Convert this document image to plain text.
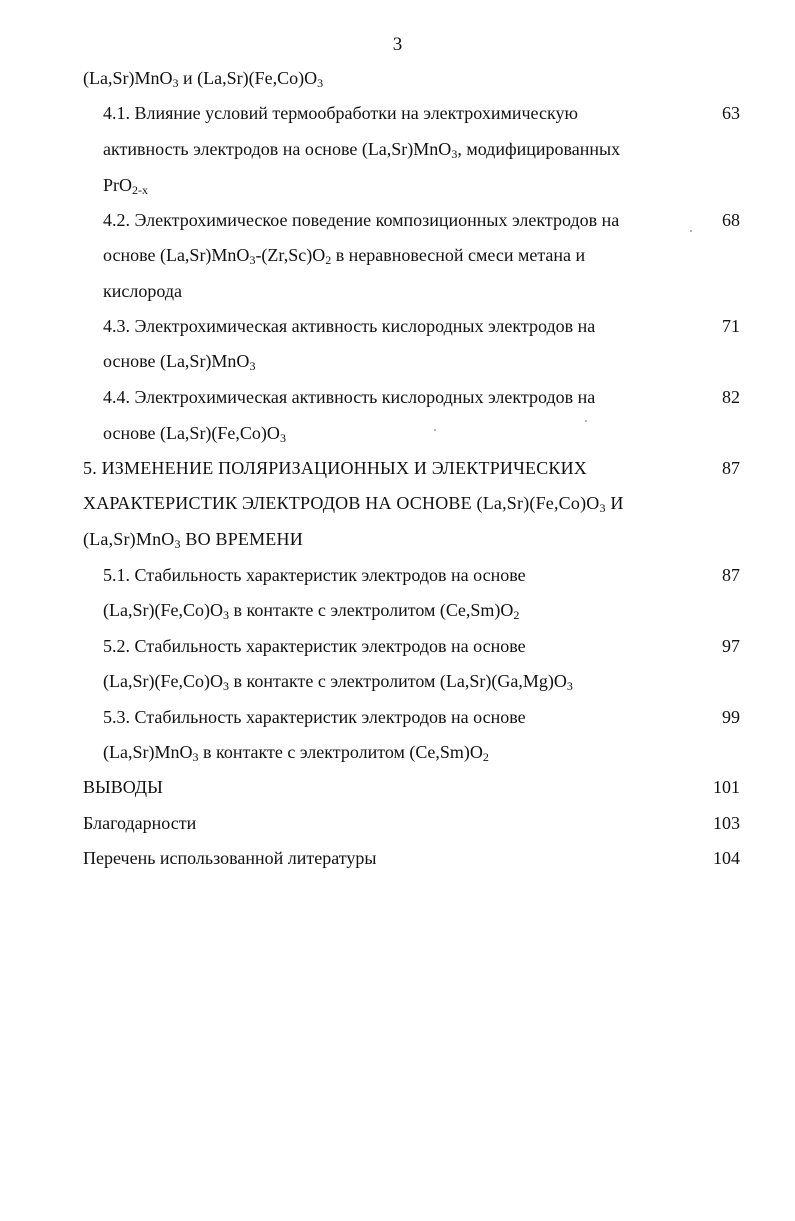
3
(La,Sr)MnO$_3$ и $(La,Sr)(Fe,Co)O_3$
4.1. Влияние условий термообработки на электрохимическую	63
активность электродов на основе (La,Sr)MnO$_3$, модифицированных
PrO$_{2-x}$
4.2. Электрохимическое поведение композиционных электродов на	68
основе $(La,Sr)MnO_3-(Zr,Sc)O_2$ в неравновесной смеси метана и
кислорода
4.3. Электрохимическая активность кислородных электродов на	71
основе (La,Sr)MnO$_3$
4.4. Электрохимическая активность кислородных электродов на	82
основе $(La,Sr)(Fe,Co)O_3$
5. ИЗМЕНЕНИЕ ПОЛЯРИЗАЦИОННЫХ И ЭЛЕКТРИЧЕСКИХ	87
ХАРАКТЕРИСТИК ЭЛЕКТРОДОВ НА ОСНОВЕ $(La,Sr)(Fe,Co)O_3$ И
(La,Sr)MnO$_3$ ВО ВРЕМЕНИ
5.1. Стабильность характеристик электродов на основе	87
$(La,Sr)(Fe,Co)O_3$ в контакте с электролитом $(Ce,Sm)O_2$
5.2. Стабильность характеристик электродов на основе	97
$(La,Sr)(Fe,Co)O_3$ в контакте с электролитом $(La,Sr)(Ga,Mg)O_3$
5.3. Стабильность характеристик электродов на основе	99
(La,Sr)MnO$_3$ в контакте с электролитом $(Ce,Sm)O_2$
ВЫВОДЫ	101
Благодарности	103
Перечень использованной литературы	104
